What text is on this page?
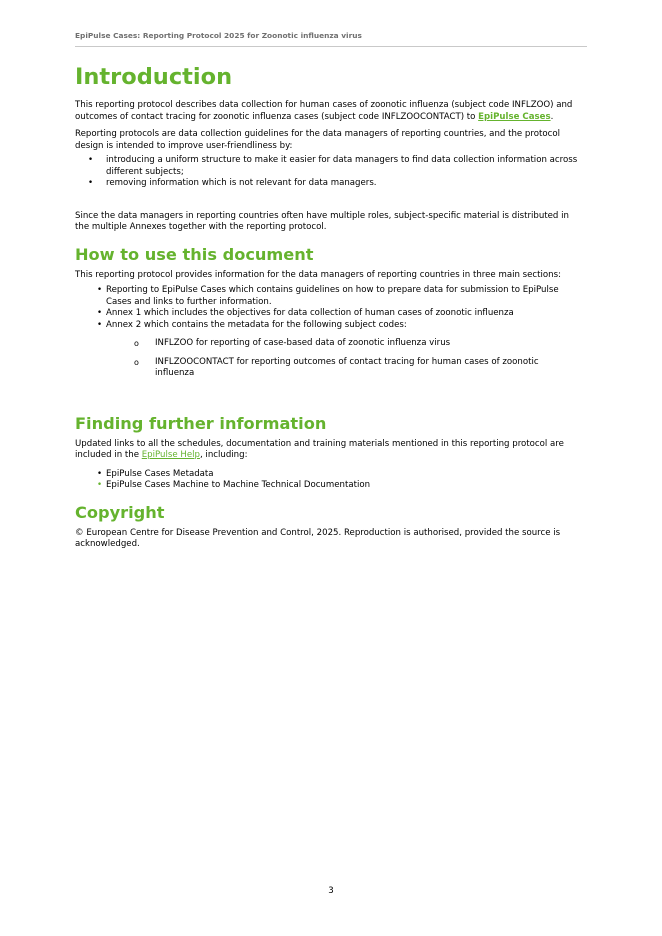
EpiPulse Cases: Reporting Protocol 2025 for Zoonotic influenza virus
Introduction

This reporting protocol describes data collection for human cases of zoonotic influenza (subject code INFLZOO) and outcomes of contact tracing for zoonotic influenza cases (subject code INFLZOOCONTACT) to EpiPulse Cases.

Reporting protocols are data collection guidelines for the data managers of reporting countries, and the protocol design is intended to improve user-friendliness by:

• introducing a uniform structure to make it easier for data managers to find data collection information across different subjects;
• removing information which is not relevant for data managers.

Since the data managers in reporting countries often have multiple roles, subject-specific material is distributed in the multiple Annexes together with the reporting protocol.

How to use this document

This reporting protocol provides information for the data managers of reporting countries in three main sections:

• Reporting to EpiPulse Cases which contains guidelines on how to prepare data for submission to EpiPulse Cases and links to further information.
• Annex 1 which includes the objectives for data collection of human cases of zoonotic influenza
• Annex 2 which contains the metadata for the following subject codes:
o INFLZOO for reporting of case-based data of zoonotic influenza virus
o INFLZOOCONTACT for reporting outcomes of contact tracing for human cases of zoonotic influenza
Finding further information

Updated links to all the schedules, documentation and training materials mentioned in this reporting protocol are included in the EpiPulse Help, including:

• EpiPulse Cases Metadata
• EpiPulse Cases Machine to Machine Technical Documentation
Copyright

© European Centre for Disease Prevention and Control, 2025. Reproduction is authorised, provided the source is acknowledged.

3
